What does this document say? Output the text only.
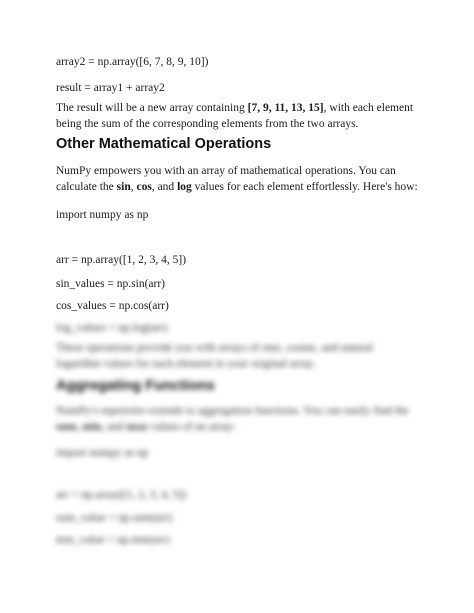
array2 = np.array([6, 7, 8, 9, 10])

result = array1 + array2

The result will be a new array containing [7, 9, 11, 13, 15], with each element being the sum of the corresponding elements from the two arrays.

Other Mathematical Operations

NumPy empowers you with an array of mathematical operations. You can calculate the sin, cos, and log values for each element effortlessly. Here's how:

import numpy as np

arr = np.array([1, 2, 3, 4, 5])

sin_values = np.sin(arr)

cos_values = np.cos(arr)

log_values = np.log(arr)

These operations provide you with arrays of sine, cosine, and natural logarithm values for each element in your original array.

Aggregating Functions

NumPy's repertoire extends to aggregation functions. You can easily find the sum, min, and max values of an array:

import numpy as np

arr = np.array([1, 2, 3, 4, 5])

sum_value = np.sum(arr)

min_value = np.min(arr)
